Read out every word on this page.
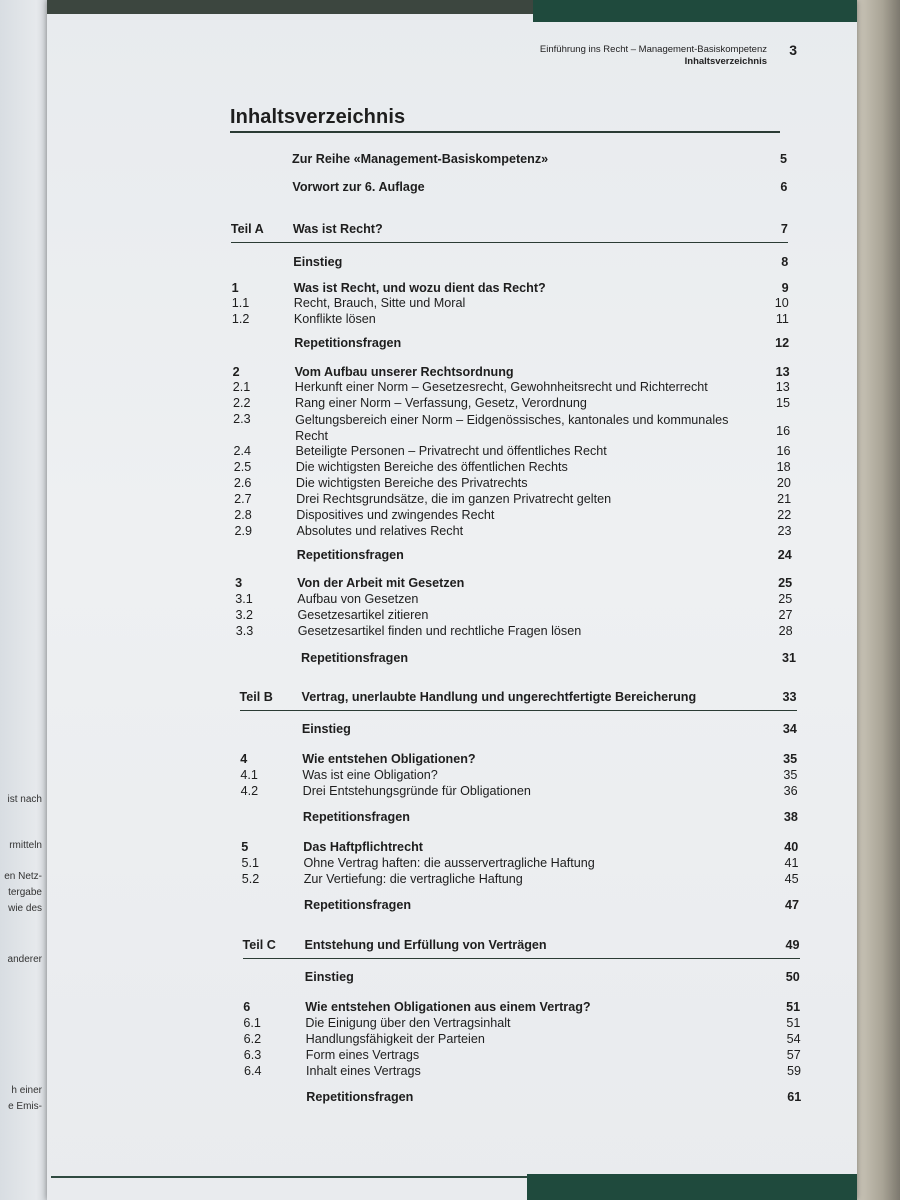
ist nach
rmitteln
en Netz-
tergabe
wie des
anderer
h einer
e Emis-
Einführung ins Recht – Management-Basiskompetenz
Inhaltsverzeichnis
3
Inhaltsverzeichnis
Zur Reihe «Management-Basiskompetenz»	5
Vorwort zur 6. Auflage	6
Teil A Was ist Recht?	7
Einstieg	8
1	Was ist Recht, und wozu dient das Recht?	9
1.1	Recht, Brauch, Sitte und Moral	10
1.2	Konflikte lösen	11
Repetitionsfragen	12
2	Vom Aufbau unserer Rechtsordnung	13
2.1	Herkunft einer Norm – Gesetzesrecht, Gewohnheitsrecht und Richterrecht	13
2.2	Rang einer Norm – Verfassung, Gesetz, Verordnung	15
2.3	Geltungsbereich einer Norm – Eidgenössisches, kantonales und kommunales Recht	16
2.4	Beteiligte Personen – Privatrecht und öffentliches Recht	16
2.5	Die wichtigsten Bereiche des öffentlichen Rechts	18
2.6	Die wichtigsten Bereiche des Privatrechts	20
2.7	Drei Rechtsgrundsätze, die im ganzen Privatrecht gelten	21
2.8	Dispositives und zwingendes Recht	22
2.9	Absolutes und relatives Recht	23
Repetitionsfragen	24
3	Von der Arbeit mit Gesetzen	25
3.1	Aufbau von Gesetzen	25
3.2	Gesetzesartikel zitieren	27
3.3	Gesetzesartikel finden und rechtliche Fragen lösen	28
Repetitionsfragen	31
Teil B Vertrag, unerlaubte Handlung und ungerechtfertigte Bereicherung	33
Einstieg	34
4	Wie entstehen Obligationen?	35
4.1	Was ist eine Obligation?	35
4.2	Drei Entstehungsgründe für Obligationen	36
Repetitionsfragen	38
5	Das Haftpflichtrecht	40
5.1	Ohne Vertrag haften: die ausservertragliche Haftung	41
5.2	Zur Vertiefung: die vertragliche Haftung	45
Repetitionsfragen	47
Teil C Entstehung und Erfüllung von Verträgen	49
Einstieg	50
6	Wie entstehen Obligationen aus einem Vertrag?	51
6.1	Die Einigung über den Vertragsinhalt	51
6.2	Handlungsfähigkeit der Parteien	54
6.3	Form eines Vertrags	57
6.4	Inhalt eines Vertrags	59
Repetitionsfragen	61
